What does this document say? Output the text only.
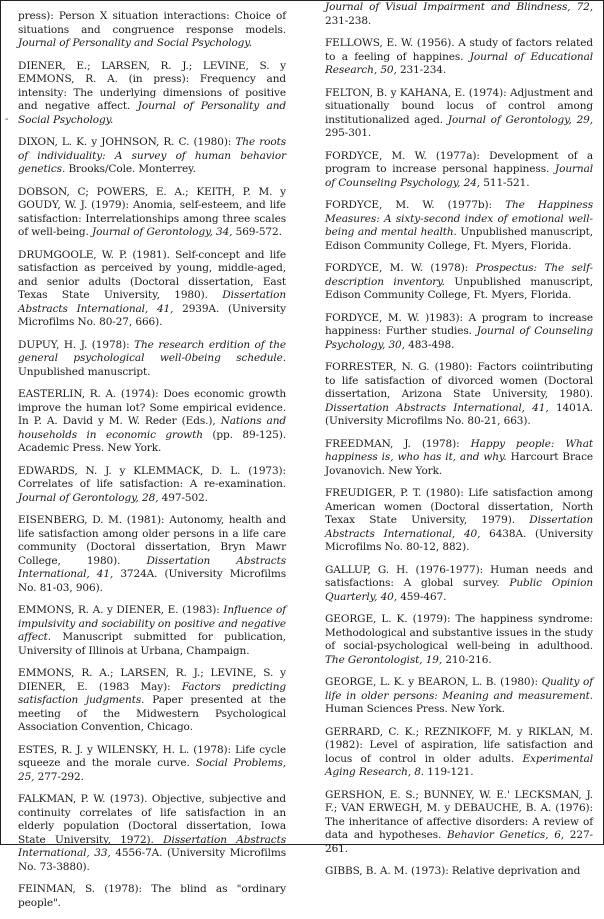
-

press): Person X situation interactions: Choice of situations and congruence response models. Journal of Personality and Social Psychology.

DIENER, E.; LARSEN, R. J.; LEVINE, S. y EMMONS, R. A. (in press): Frequency and intensity: The underlying dimensions of positive and negative affect. Journal of Personality and Social Psychology.

DIXON, L. K. y JOHNSON, R. C. (1980): The roots of individuality: A survey of human behavior genetics. Brooks/Cole. Monterrey.

DOBSON, C; POWERS, E. A.; KEITH, P. M. y GOUDY, W. J. (1979): Anomia, self-esteem, and life satisfaction: Interrelationships among three scales of well-being. Journal of Gerontology, 34, 569-572.

DRUMGOOLE, W. P. (1981). Self-concept and life satisfaction as perceived by young, middle-aged, and senior adults (Doctoral dissertation, East Texas State University, 1980). Dissertation Abstracts International, 41, 2939A. (University Microfilms No. 80-27, 666).

DUPUY, H. J. (1978): The research erdition of the general psychological well-0being schedule. Unpublished manuscript.

EASTERLIN, R. A. (1974): Does economic growth improve the human lot? Some empirical evidence. In P. A. David y M. W. Reder (Eds.), Nations and households in economic growth (pp. 89-125). Academic Press. New York.

EDWARDS, N. J. y KLEMMACK, D. L. (1973): Correlates of life satisfaction: A re-examination. Journal of Gerontology, 28, 497-502.

EISENBERG, D. M. (1981): Autonomy, health and life satisfaction among older persons in a life care community (Doctoral dissertation, Bryn Mawr College, 1980). Dissertation Abstracts International, 41, 3724A. (University Microfilms No. 81-03, 906).

EMMONS, R. A. y DIENER, E. (1983): Influence of impulsivity and sociability on positive and negative affect. Manuscript submitted for publication, University of Illinois at Urbana, Champaign.

EMMONS, R. A.; LARSEN, R. J.; LEVINE, S. y DIENER, E. (1983 May): Factors predicting satisfaction judgments. Paper presented at the meeting of the Midwestern Psychological Association Convention, Chicago.

ESTES, R. J. y WILENSKY, H. L. (1978): Life cycle squeeze and the morale curve. Social Problems, 25, 277-292.

FALKMAN, P. W. (1973). Objective, subjective and continuity correlates of life satisfaction in an elderly population (Doctoral dissertation, Iowa State University, 1972). Dissertation Abstracts International, 33, 4556-7A. (University Microfilms No. 73-3880).

FEINMAN, S. (1978): The blind as "ordinary people".

Journal of Visual Impairment and Blindness, 72, 231-238.

FELLOWS, E. W. (1956). A study of factors related to a feeling of happines. Journal of Educational Research, 50, 231-234.

FELTON, B. y KAHANA, E. (1974): Adjustment and situationally bound locus of control among institutionalized aged. Journal of Gerontology, 29, 295-301.

FORDYCE, M. W. (1977a): Development of a program to increase personal happiness. Journal of Counseling Psychology, 24, 511-521.

FORDYCE, M. W. (1977b): The Happiness Measures: A sixty-second index of emotional well-being and mental health. Unpublished manuscript, Edison Community College, Ft. Myers, Florida.

FORDYCE, M. W. (1978): Prospectus: The self-description inventory. Unpublished manuscript, Edison Community College, Ft. Myers, Florida.

FORDYCE, M. W. )1983): A program to increase happiness: Further studies. Journal of Counseling Psychology, 30, 483-498.

FORRESTER, N. G. (1980): Factors coiintributing to life satisfaction of divorced women (Doctoral dissertation, Arizona State University, 1980). Dissertation Abstracts International, 41, 1401A. (University Microfilms No. 80-21, 663).

FREEDMAN, J. (1978): Happy people: What happiness is, who has it, and why. Harcourt Brace Jovanovich. New York.

FREUDIGER, P. T. (1980): Life satisfaction among American women (Doctoral dissertation, North Texax State University, 1979). Dissertation Abstracts International, 40, 6438A. (University Microfilms No. 80-12, 882).

GALLUP, G. H. (1976-1977): Human needs and satisfactions: A global survey. Public Opinion Quarterly, 40, 459-467.

GEORGE, L. K. (1979): The happiness syndrome: Methodological and substantive issues in the study of social-psychological well-being in adulthood. The Gerontologist, 19, 210-216.

GEORGE, L. K. y BEARON, L. B. (1980): Quality of life in older persons: Meaning and measurement. Human Sciences Press. New York.

GERRARD, C. K.; REZNIKOFF, M. y RIKLAN, M. (1982): Level of aspiration, life satisfaction and locus of control in older adults. Experimental Aging Research, 8. 119-121.

GERSHON, E. S.; BUNNEY, W. E.' LECKSMAN, J. F.; VAN ERWEGH, M. y DEBAUCHE, B. A. (1976): The inheritance of affective disorders: A review of data and hypotheses. Behavior Genetics, 6, 227-261.

GIBBS, B. A. M. (1973): Relative deprivation and
